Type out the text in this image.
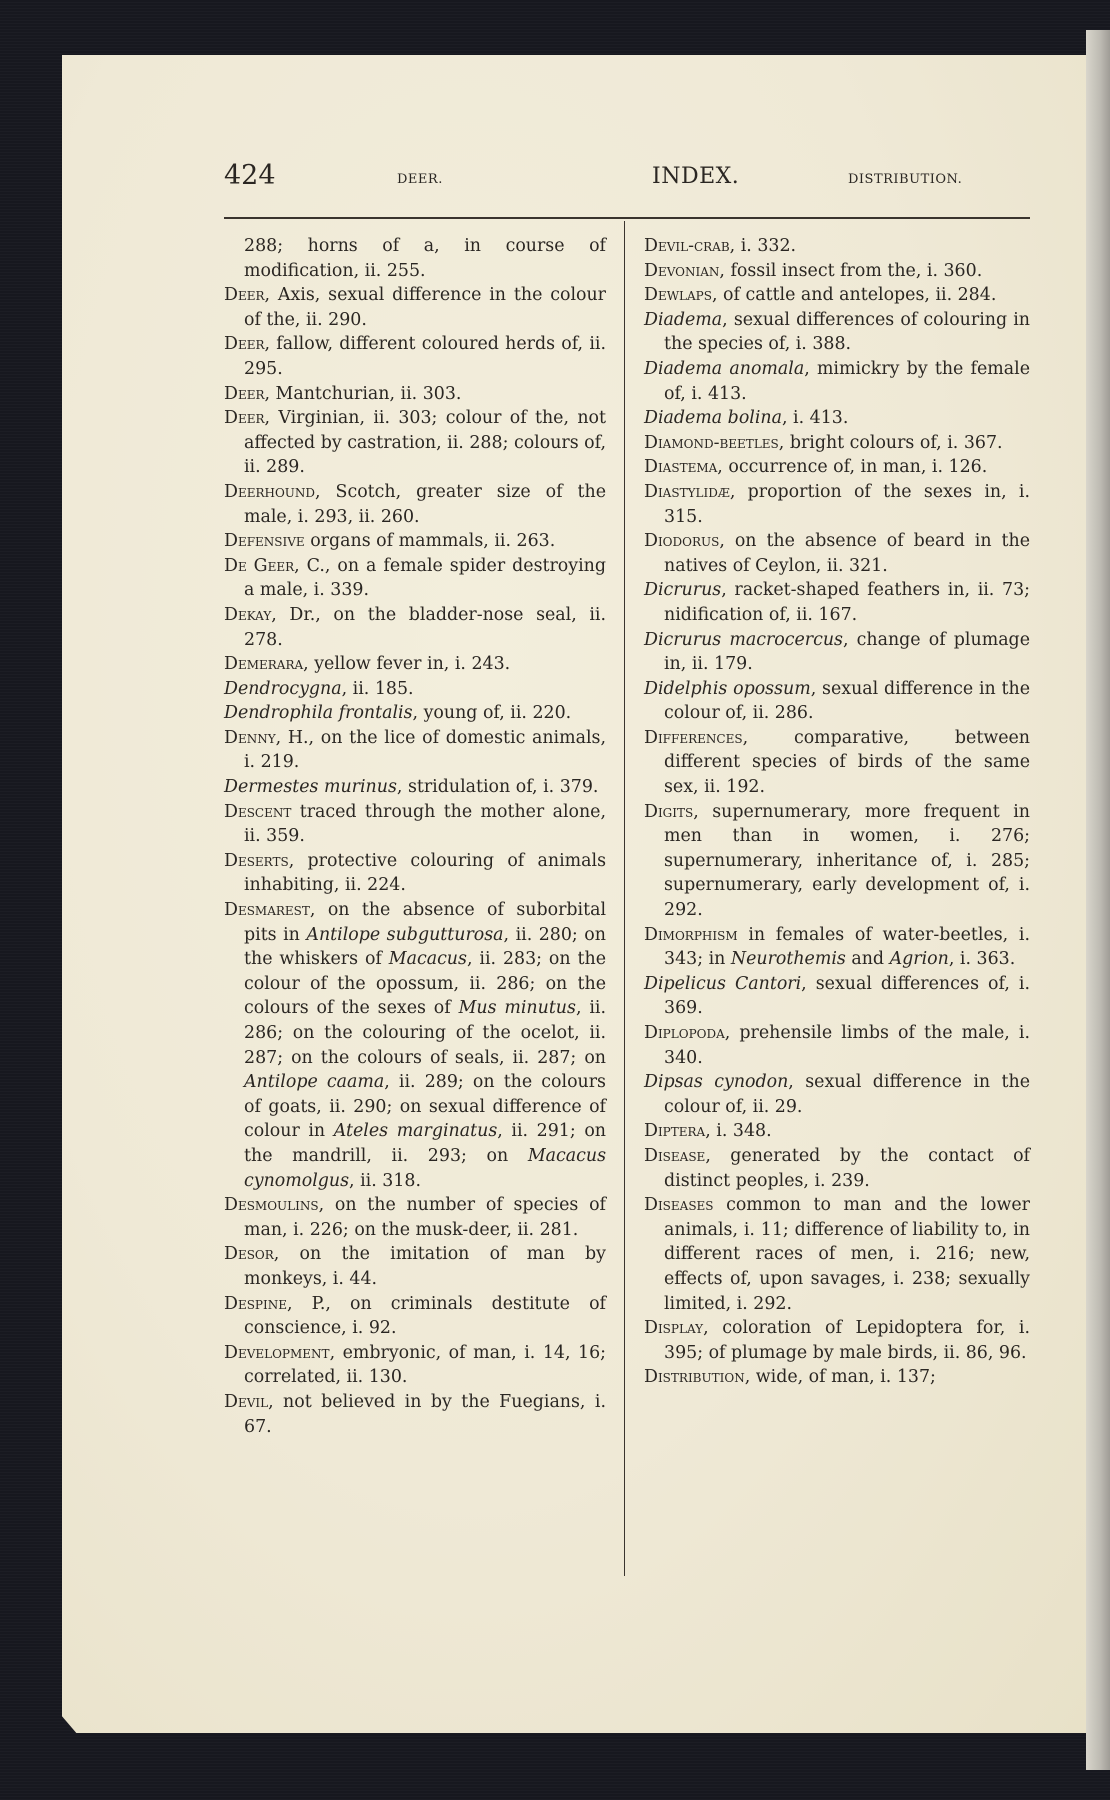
424	DEER.	INDEX.	DISTRIBUTION.

288; horns of a, in course of modification, ii. 255.

Deer, Axis, sexual difference in the colour of the, ii. 290.

Deer, fallow, different coloured herds of, ii. 295.

Deer, Mantchurian, ii. 303.

Deer, Virginian, ii. 303; colour of the, not affected by castration, ii. 288; colours of, ii. 289.

Deerhound, Scotch, greater size of the male, i. 293, ii. 260.

Defensive organs of mammals, ii. 263.

De Geer, C., on a female spider destroying a male, i. 339.

Dekay, Dr., on the bladder-nose seal, ii. 278.

Demerara, yellow fever in, i. 243.

Dendrocygna, ii. 185.

Dendrophila frontalis, young of, ii. 220.

Denny, H., on the lice of domestic animals, i. 219.

Dermestes murinus, stridulation of, i. 379.

Descent traced through the mother alone, ii. 359.

Deserts, protective colouring of animals inhabiting, ii. 224.

Desmarest, on the absence of suborbital pits in Antilope subgutturosa, ii. 280; on the whiskers of Macacus, ii. 283; on the colour of the opossum, ii. 286; on the colours of the sexes of Mus minutus, ii. 286; on the colouring of the ocelot, ii. 287; on the colours of seals, ii. 287; on Antilope caama, ii. 289; on the colours of goats, ii. 290; on sexual difference of colour in Ateles marginatus, ii. 291; on the mandrill, ii. 293; on Macacus cynomolgus, ii. 318.

Desmoulins, on the number of species of man, i. 226; on the musk-deer, ii. 281.

Desor, on the imitation of man by monkeys, i. 44.

Despine, P., on criminals destitute of conscience, i. 92.

Development, embryonic, of man, i. 14, 16; correlated, ii. 130.

Devil, not believed in by the Fuegians, i. 67.

Devil-crab, i. 332.

Devonian, fossil insect from the, i. 360.

Dewlaps, of cattle and antelopes, ii. 284.

Diadema, sexual differences of colouring in the species of, i. 388.

Diadema anomala, mimickry by the female of, i. 413.

Diadema bolina, i. 413.

Diamond-beetles, bright colours of, i. 367.

Diastema, occurrence of, in man, i. 126.

Diastylidæ, proportion of the sexes in, i. 315.

Diodorus, on the absence of beard in the natives of Ceylon, ii. 321.

Dicrurus, racket-shaped feathers in, ii. 73; nidification of, ii. 167.

Dicrurus macrocercus, change of plumage in, ii. 179.

Didelphis opossum, sexual difference in the colour of, ii. 286.

Differences, comparative, between different species of birds of the same sex, ii. 192.

Digits, supernumerary, more frequent in men than in women, i. 276; supernumerary, inheritance of, i. 285; supernumerary, early development of, i. 292.

Dimorphism in females of water-beetles, i. 343; in Neurothemis and Agrion, i. 363.

Dipelicus Cantori, sexual differences of, i. 369.

Diplopoda, prehensile limbs of the male, i. 340.

Dipsas cynodon, sexual difference in the colour of, ii. 29.

Diptera, i. 348.

Disease, generated by the contact of distinct peoples, i. 239.

Diseases common to man and the lower animals, i. 11; difference of liability to, in different races of men, i. 216; new, effects of, upon savages, i. 238; sexually limited, i. 292.

Display, coloration of Lepidoptera for, i. 395; of plumage by male birds, ii. 86, 96.

Distribution, wide, of man, i. 137;
